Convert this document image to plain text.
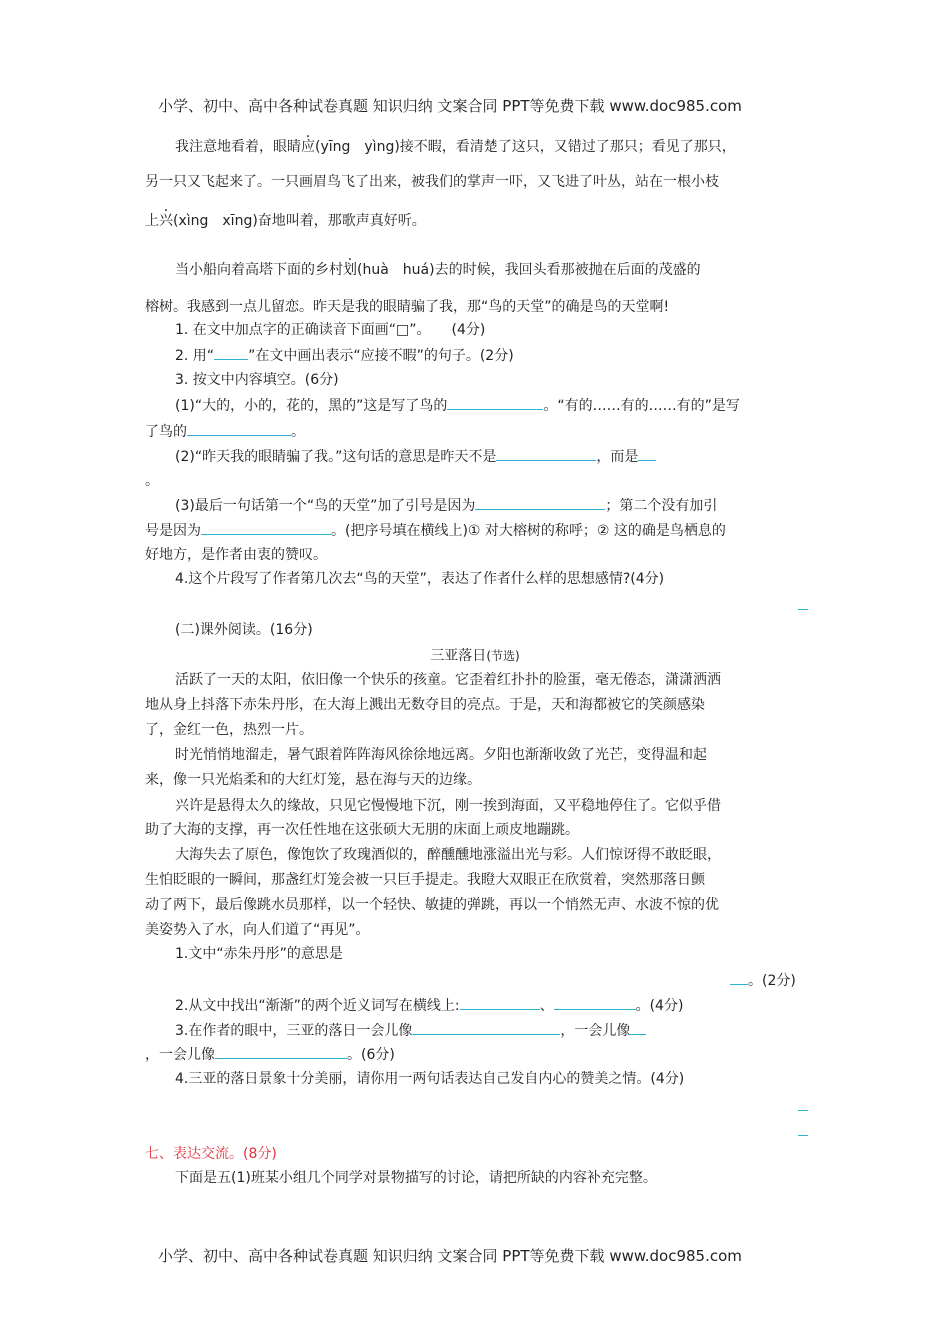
小学、初中、高中各种试卷真题 知识归纳 文案合同 PPT等免费下载 www.doc985.com
我注意地看着，眼睛应(yīng　yìng)接不暇，看清楚了这只，又错过了那只；看见了那只，
另一只又飞起来了。一只画眉鸟飞了出来，被我们的掌声一吓，又飞进了叶丛，站在一根小枝
上兴(xìng　xīng)奋地叫着，那歌声真好听。
当小船向着高塔下面的乡村划(huà　huá)去的时候，我回头看那被抛在后面的茂盛的
榕树。我感到一点儿留恋。昨天是我的眼睛骗了我，那“鸟的天堂”的确是鸟的天堂啊!
1. 在文中加点字的正确读音下面画“□”。　　(4分)
2. 用“ ”在文中画出表示“应接不暇”的句子。(2分)
3. 按文中内容填空。(6分)
(1)“大的，小的，花的，黑的”这是写了鸟的	。“有的……有的……有的”是写
了鸟的	。
(2)“昨天我的眼睛骗了我。”这句话的意思是昨天不是	，而是
。
(3)最后一句话第一个“鸟的天堂”加了引号是因为	；第二个没有加引
号是因为	。(把序号填在横线上)① 对大榕树的称呼；② 这的确是鸟栖息的
好地方，是作者由衷的赞叹。
4.这个片段写了作者第几次去“鸟的天堂”，表达了作者什么样的思想感情?(4分)
(二)课外阅读。(16分)
三亚落日(节选)
活跃了一天的太阳，依旧像一个快乐的孩童。它歪着红扑扑的脸蛋，毫无倦态，潇潇洒洒
地从身上抖落下赤朱丹彤，在大海上溅出无数夺目的亮点。于是，天和海都被它的笑颜感染
了，金红一色，热烈一片。
时光悄悄地溜走，暑气跟着阵阵海风徐徐地远离。夕阳也渐渐收敛了光芒，变得温和起
来，像一只光焰柔和的大红灯笼，悬在海与天的边缘。
兴许是悬得太久的缘故，只见它慢慢地下沉，刚一挨到海面，又平稳地停住了。它似乎借
助了大海的支撑，再一次任性地在这张硕大无朋的床面上顽皮地蹦跳。
大海失去了原色，像饱饮了玫瑰酒似的，醉醺醺地涨溢出光与彩。人们惊讶得不敢眨眼，
生怕眨眼的一瞬间，那盏红灯笼会被一只巨手提走。我瞪大双眼正在欣赏着，突然那落日颤
动了两下，最后像跳水员那样，以一个轻快、敏捷的弹跳，再以一个悄然无声、水波不惊的优
美姿势入了水，向人们道了“再见”。
1.文中“赤朱丹彤”的意思是
。(2分)
2.从文中找出“渐渐”的两个近义词写在横线上:	、	。(4分)
3.在作者的眼中，三亚的落日一会儿像	，一会儿像
，一会儿像	。(6分)
4.三亚的落日景象十分美丽，请你用一两句话表达自己发自内心的赞美之情。(4分)
七、表达交流。(8分)
下面是五(1)班某小组几个同学对景物描写的讨论，请把所缺的内容补充完整。
小学、初中、高中各种试卷真题 知识归纳 文案合同 PPT等免费下载 www.doc985.com
